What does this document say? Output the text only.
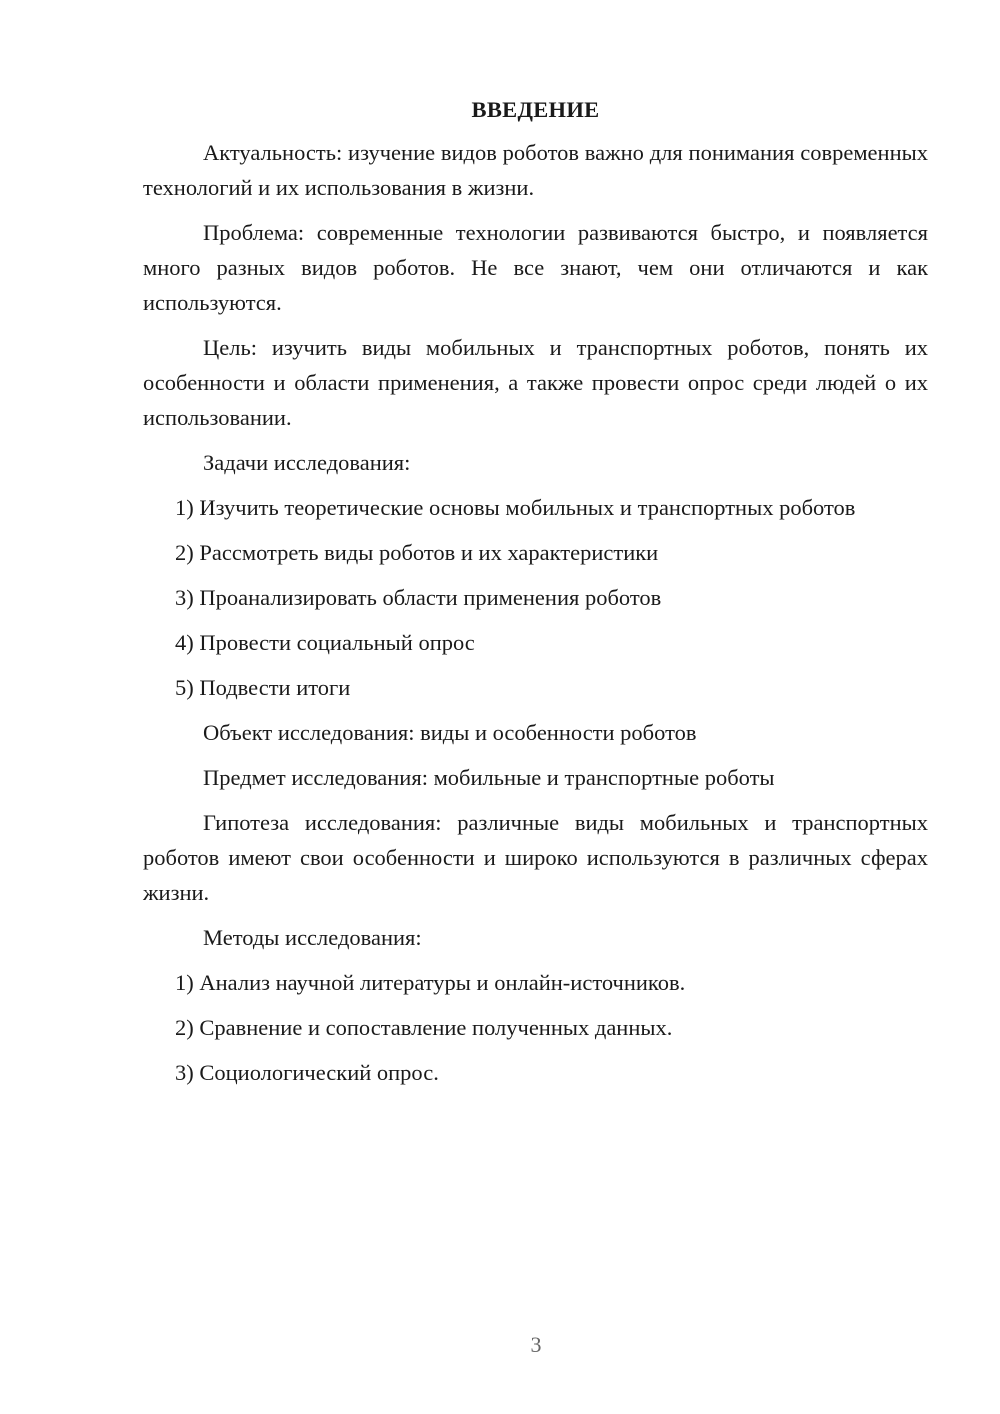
ВВЕДЕНИЕ

Актуальность: изучение видов роботов важно для понимания современных технологий и их использования в жизни.

Проблема: современные технологии развиваются быстро, и появляется много разных видов роботов. Не все знают, чем они отличаются и как используются.

Цель: изучить виды мобильных и транспортных роботов, понять их особенности и области применения, а также провести опрос среди людей о их использовании.

Задачи исследования:
1) Изучить теоретические основы мобильных и транспортных роботов
2) Рассмотреть виды роботов и их характеристики
3) Проанализировать области применения роботов
4) Провести социальный опрос
5) Подвести итоги
Объект исследования: виды и особенности роботов
Предмет исследования: мобильные и транспортные роботы

Гипотеза исследования: различные виды мобильных и транспортных роботов имеют свои особенности и широко используются в различных сферах жизни.

Методы исследования:
1) Анализ научной литературы и онлайн-источников.
2) Сравнение и сопоставление полученных данных.
3) Социологический опрос.
3
